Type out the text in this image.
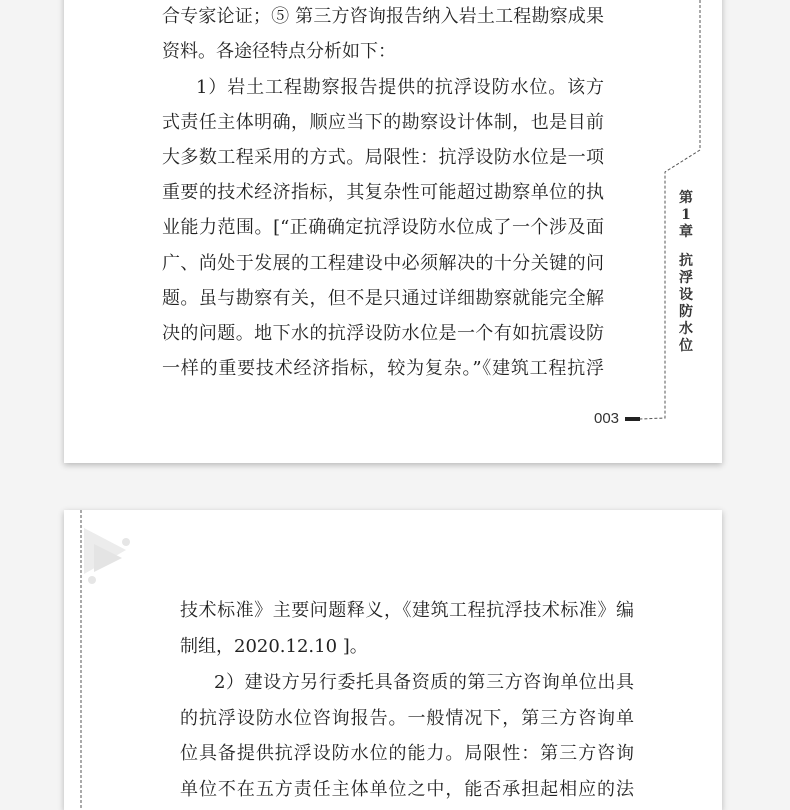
合专家论证；⑤ 第三方咨询报告纳入岩土工程勘察成果
资料。各途径特点分析如下：
1）岩土工程勘察报告提供的抗浮设防水位。该方
式责任主体明确，顺应当下的勘察设计体制，也是目前
大多数工程采用的方式。局限性：抗浮设防水位是一项
重要的技术经济指标，其复杂性可能超过勘察单位的执
业能力范围。[“正确确定抗浮设防水位成了一个涉及面
广、尚处于发展的工程建设中必须解决的十分关键的问
题。虽与勘察有关，但不是只通过详细勘察就能完全解
决的问题。地下水的抗浮设防水位是一个有如抗震设防
一样的重要技术经济指标，较为复杂。”《建筑工程抗浮
第
1
章
抗
浮
设
防
水
位
003
技术标准》主要问题释义，《建筑工程抗浮技术标准》编
制组，2020.12.10 ]。
2）建设方另行委托具备资质的第三方咨询单位出具
的抗浮设防水位咨询报告。一般情况下，第三方咨询单
位具备提供抗浮设防水位的能力。局限性：第三方咨询
单位不在五方责任主体单位之中，能否承担起相应的法
